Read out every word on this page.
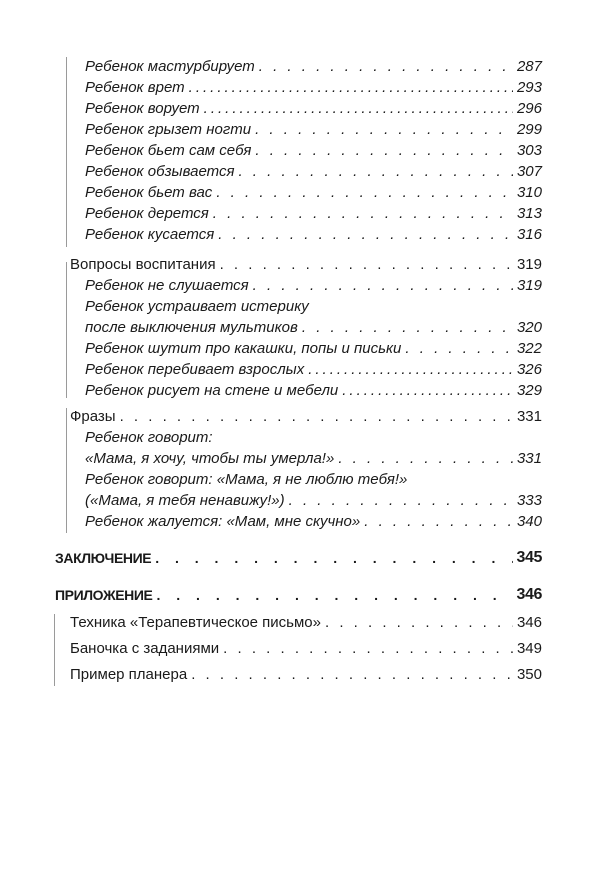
Ребенок мастурбирует . . .	287
Ребенок врет .....	293
Ребенок ворует .....	296
Ребенок грызет ногти . . .	299
Ребенок бьет сам себя . . .	303
Ребенок обзывается . . .	307
Ребенок бьет вас . . .	310
Ребенок дерется . . .	313
Ребенок кусается . . .	316
Вопросы воспитания . . .	319
Ребенок не слушается . . .	319
Ребенок устраивает истерику
после выключения мультиков . . .	320
Ребенок шутит про какашки, попы и письки . . .	322
Ребенок перебивает взрослых .....	326
Ребенок рисует на стене и мебели .....	329
Фразы . . .	331
Ребенок говорит:
«Мама, я хочу, чтобы ты умерла!» . . .	331
Ребенок говорит: «Мама, я не люблю тебя!»
(«Мама, я тебя ненавижу!») . . .	333
Ребенок жалуется: «Мам, мне скучно» . . .	340
ЗАКЛЮЧЕНИЕ . . .	345
ПРИЛОЖЕНИЕ . . .	346
Техника «Терапевтическое письмо» . . .	346
Баночка с заданиями . . .	349
Пример планера . . .	350
